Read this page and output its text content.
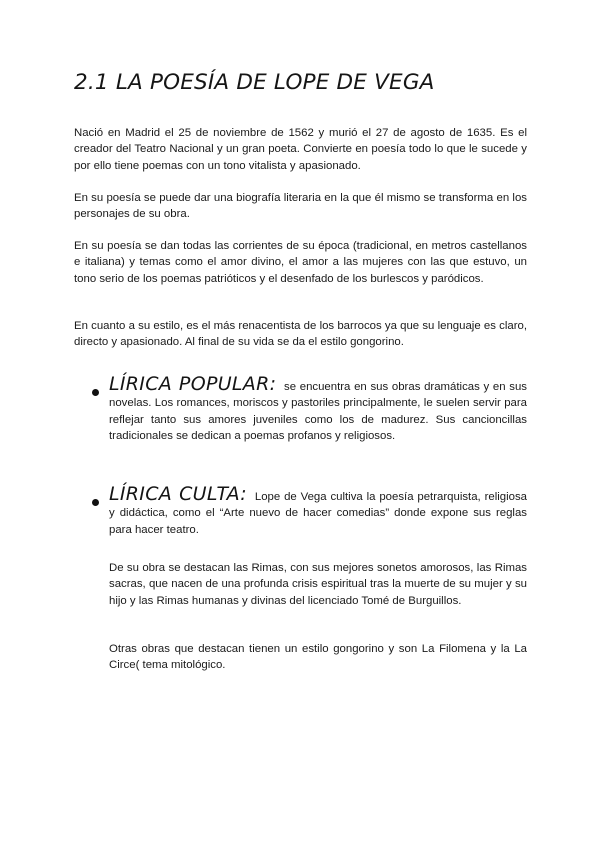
2.1 LA POESÍA DE LOPE DE VEGA

Nació en Madrid el 25 de noviembre de 1562 y murió el 27 de agosto de 1635. Es el creador del Teatro Nacional y un gran poeta. Convierte en poesía todo lo que le sucede y por ello tiene poemas con un tono vitalista y apasionado.

En su poesía se puede dar una biografía literaria en la que él mismo se transforma en los personajes de su obra.

En su poesía se dan todas las corrientes de su época (tradicional, en metros castellanos e italiana) y temas como el amor divino, el amor a las mujeres con las que estuvo, un tono serio de los poemas patrióticos y el desenfado de los burlescos y paródicos.

En cuanto a su estilo, es el más renacentista de los barrocos ya que su lenguaje es claro, directo y apasionado. Al final de su vida se da el estilo gongorino.

LÍRICA POPULAR: se encuentra en sus obras dramáticas y en sus novelas. Los romances, moriscos y pastoriles principalmente, le suelen servir para reflejar tanto sus amores juveniles como los de madurez. Sus cancioncillas tradicionales se dedican a poemas profanos y religiosos.

LÍRICA CULTA: Lope de Vega cultiva la poesía petrarquista, religiosa y didáctica, como el “Arte nuevo de hacer comedias” donde expone sus reglas para hacer teatro.

De su obra se destacan las Rimas, con sus mejores sonetos amorosos, las Rimas sacras, que nacen de una profunda crisis espiritual tras la muerte de su mujer y su hijo y las Rimas humanas y divinas del licenciado Tomé de Burguillos.

Otras obras que destacan tienen un estilo gongorino y son La Filomena y la La Circe( tema mitológico.
